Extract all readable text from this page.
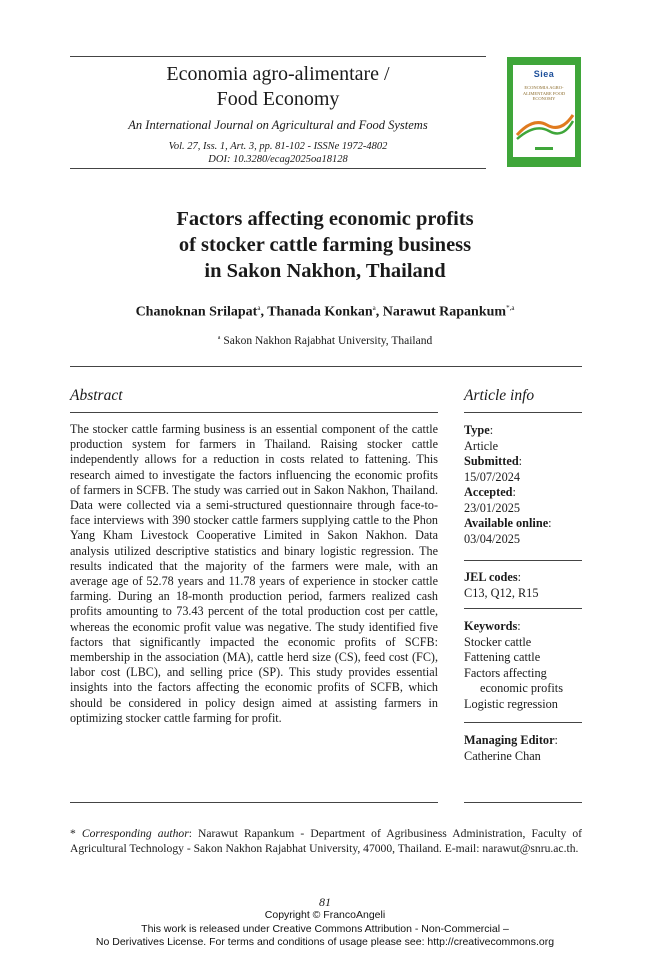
Economia agro-alimentare /
Food Economy
An International Journal on Agricultural and Food Systems
Vol. 27, Iss. 1, Art. 3, pp. 81-102 - ISSNe 1972-4802
DOI: 10.3280/ecag2025oa18128
Siea
ECONOMIA AGRO-ALIMENTARE FOOD ECONOMY
Factors affecting economic profits
of stocker cattle farming business
in Sakon Nakhon, Thailand
Chanoknan Srilapat$^a$, Thanada Konkan$^a$, Narawut Rapankum$^{*,a}$
$^a$ Sakon Nakhon Rajabhat University, Thailand
Abstract
The stocker cattle farming business is an essential component of the cattle production system for farmers in Thailand. Raising stocker cattle independently allows for a reduction in costs related to fattening. This research aimed to investigate the factors influencing the economic profits of farmers in SCFB. The study was carried out in Sakon Nakhon, Thailand. Data were collected via a semi-structured questionnaire through face-to-face interviews with 390 stocker cattle farmers supplying cattle to the Phon Yang Kham Livestock Cooperative Limited in Sakon Nakhon. Data analysis utilized descriptive statistics and binary logistic regression. The results indicated that the majority of the farmers were male, with an average age of 52.78 years and 11.78 years of experience in stocker cattle farming. During an 18-month production period, farmers realized cash profits amounting to 73.43 percent of the total production cost per cattle, whereas the economic profit value was negative. The study identified five factors that significantly impacted the economic profits of SCFB: membership in the association (MA), cattle herd size (CS), feed cost (FC), labor cost (LBC), and selling price (SP). This study provides essential insights into the factors affecting the economic profits of SCFB, which should be considered in policy design aimed at assisting farmers in optimizing stocker cattle farming for profit.
Article info
Type:
Article
Submitted:
15/07/2024
Accepted:
23/01/2025
Available online:
03/04/2025
JEL codes:
C13, Q12, R15
Keywords:
Stocker cattle
Fattening cattle
Factors affecting
economic profits
Logistic regression
Managing Editor:
Catherine Chan
* Corresponding author: Narawut Rapankum - Department of Agribusiness Administration, Faculty of Agricultural Technology - Sakon Nakhon Rajabhat University, 47000, Thailand. E-mail: narawut@snru.ac.th.
81
Copyright © FrancoAngeli
This work is released under Creative Commons Attribution - Non-Commercial –
No Derivatives License. For terms and conditions of usage please see: http://creativecommons.org
